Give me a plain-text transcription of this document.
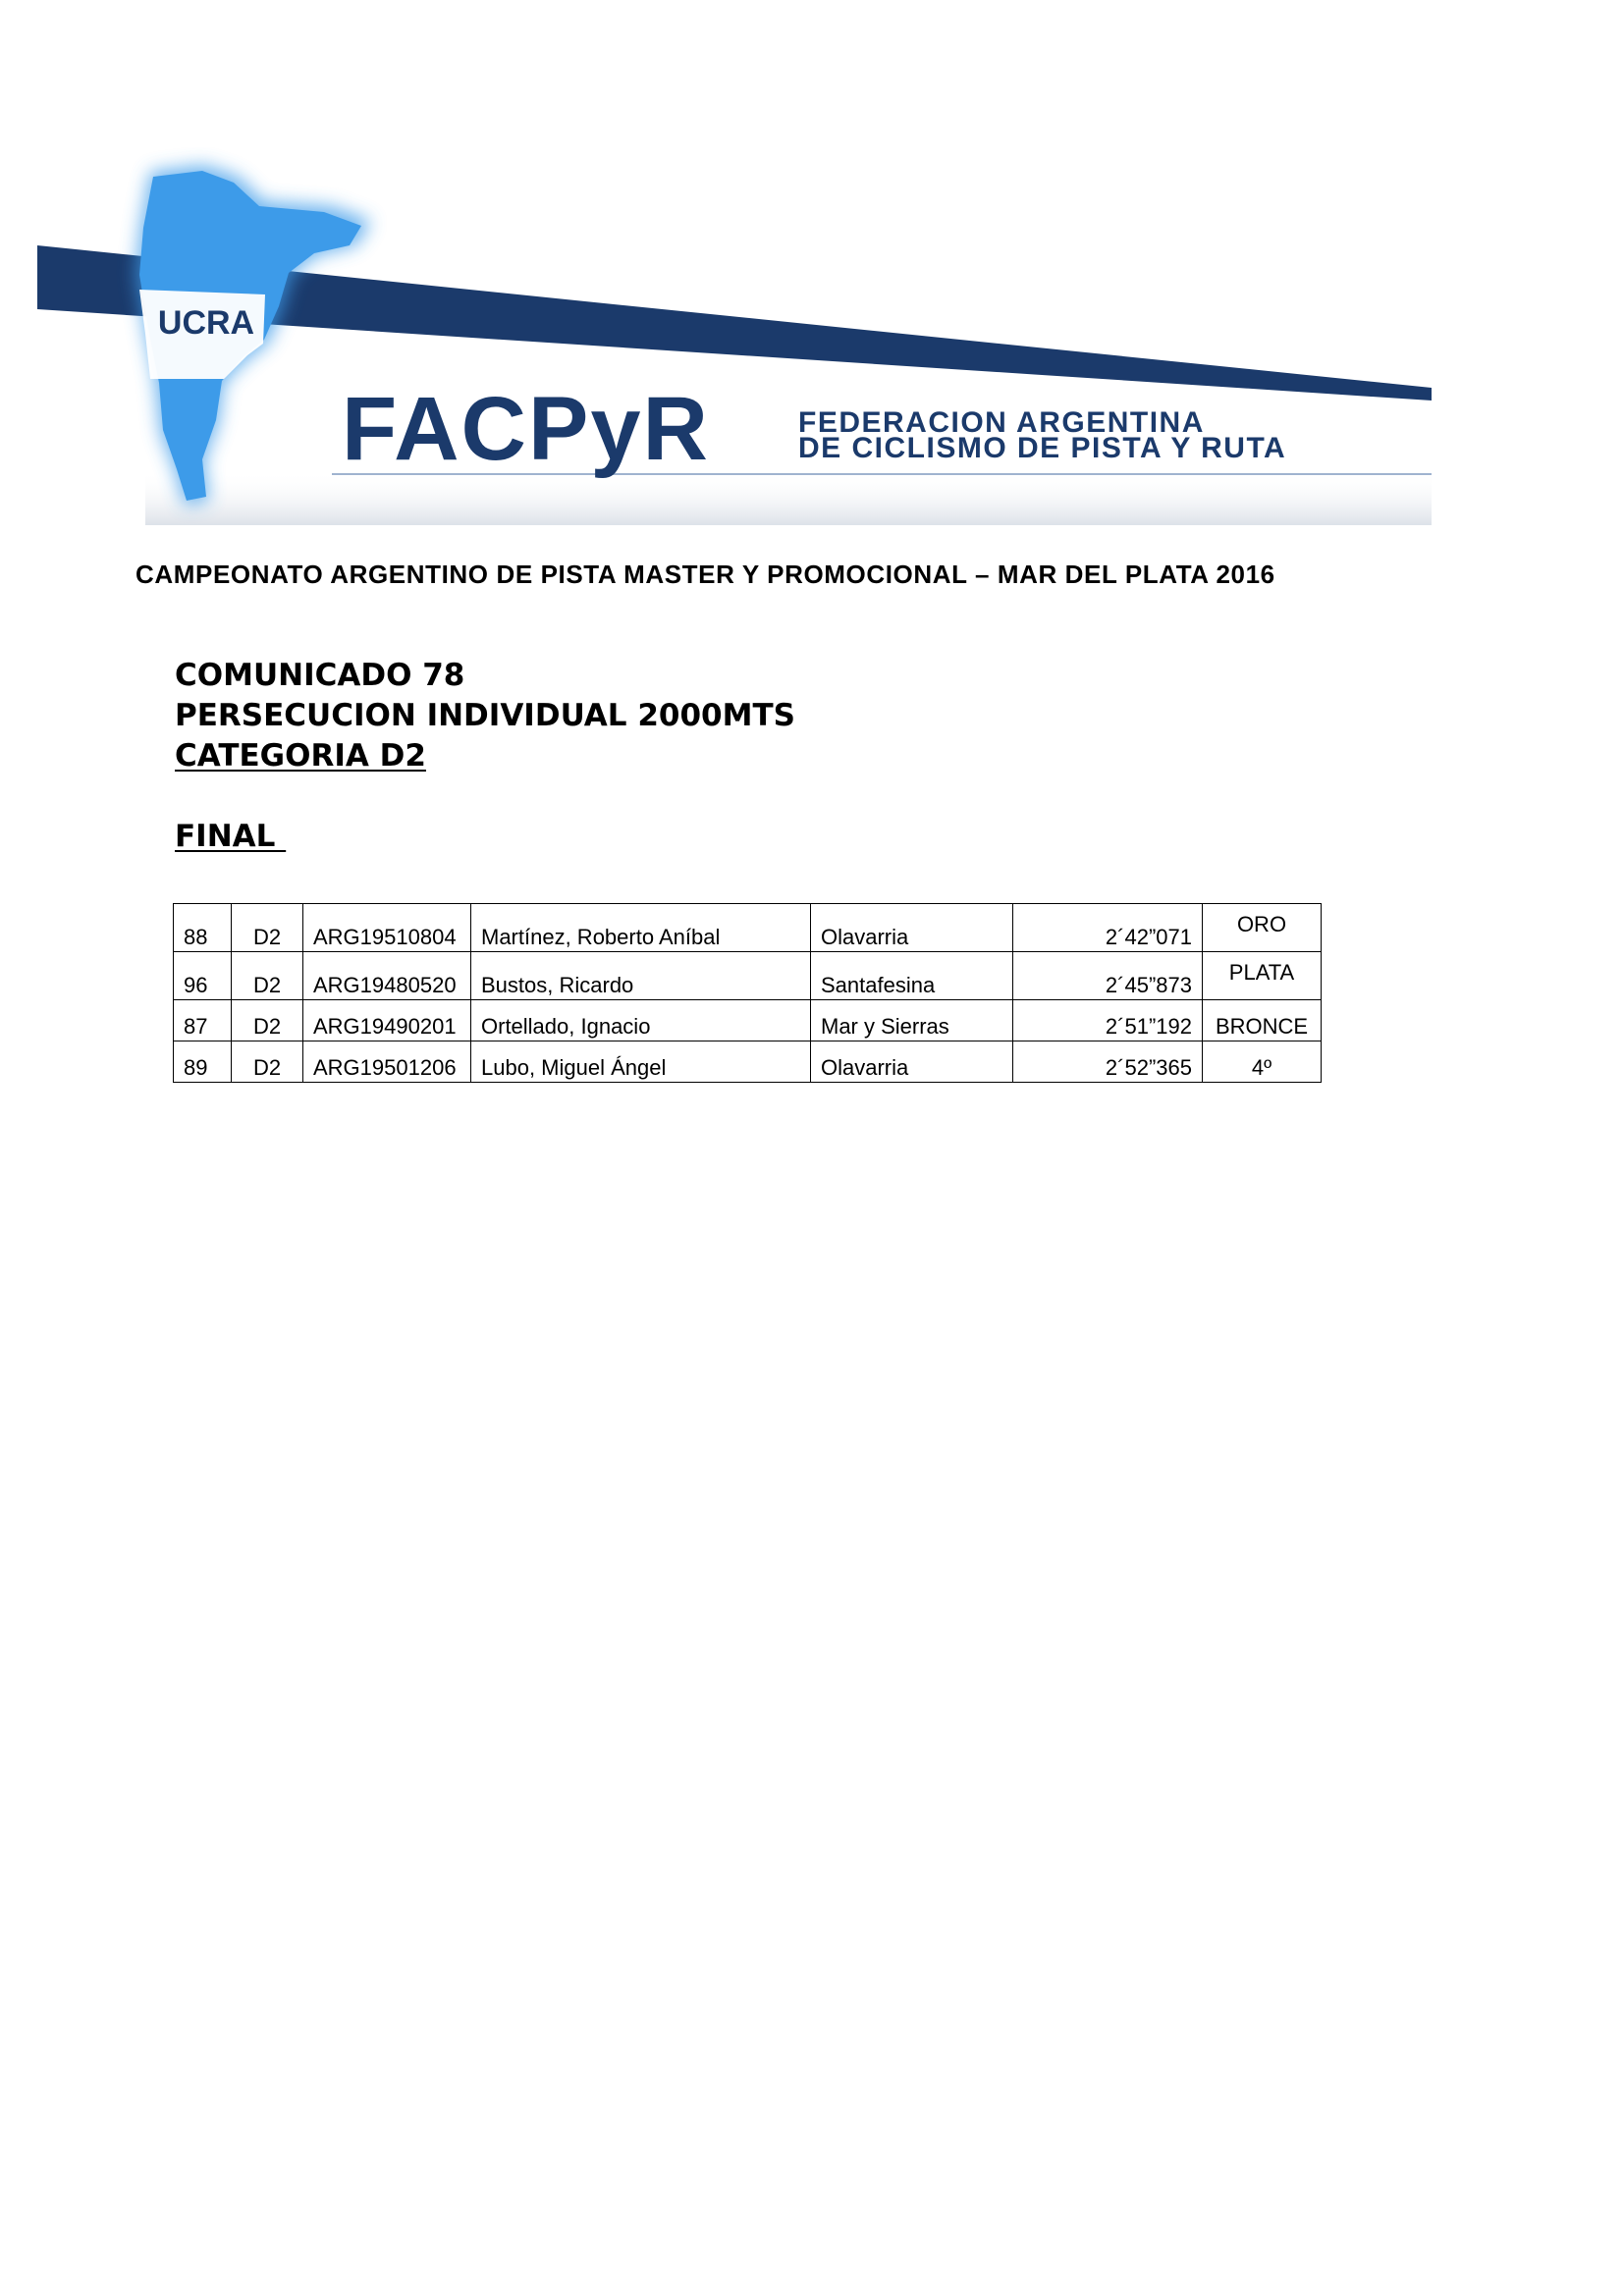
UCRA
FACPyR	FEDERACION ARGENTINA
DE CICLISMO DE PISTA Y RUTA
CAMPEONATO ARGENTINO DE PISTA MASTER Y PROMOCIONAL – MAR DEL PLATA 2016
COMUNICADO 78
PERSECUCION INDIVIDUAL 2000MTS
CATEGORIA D2
FINAL
88	D2	ARG19510804	Martínez, Roberto Aníbal	Olavarria	2´42”071	ORO
96	D2	ARG19480520	Bustos, Ricardo	Santafesina	2´45”873	PLATA
87	D2	ARG19490201	Ortellado, Ignacio	Mar y Sierras	2´51”192	BRONCE
89	D2	ARG19501206	Lubo, Miguel Ángel	Olavarria	2´52”365	4º
